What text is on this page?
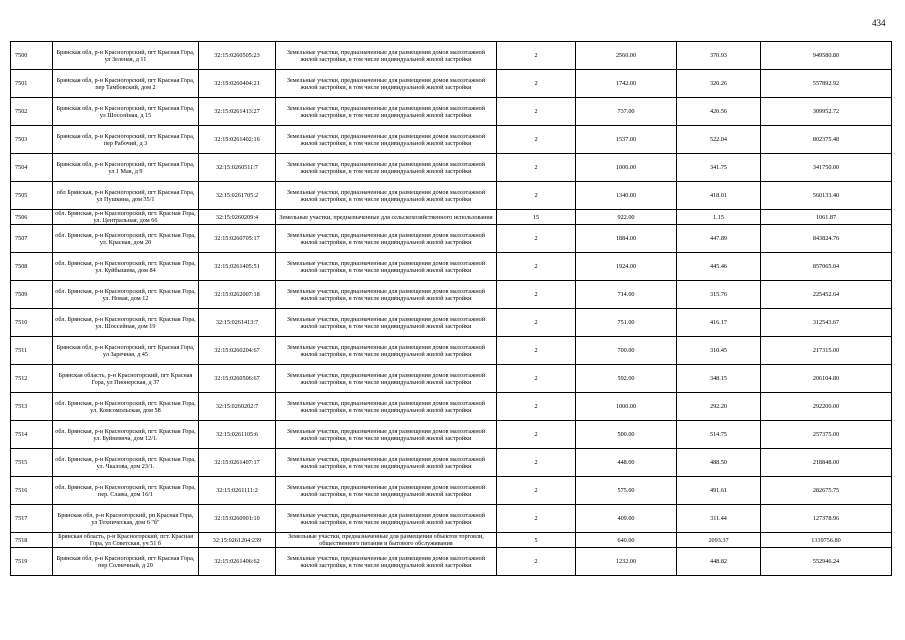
434
7500	Брянская обл, р-н Красногорский, пгт Красная Гора, ул Зеленая, д 11	32:15:0260505:23	Земельные участки, предназначенные для размещения домов малоэтажной жилой застройки, в том числе индивидуальной жилой застройки	2	2560.00	370.93	949580.80
7501	Брянская обл, р-н Красногорский, пгт Красная Гора, пер Тамбовский, дом 2	32:15:0260404:21	Земельные участки, предназначенные для размещения домов малоэтажной жилой застройки, в том числе индивидуальной жилой застройки	2	1742.00	320.26	557892.92
7502	Брянская обл, р-н Красногорский, пгт Красная Гора, ул Шоссейная, д 15	32:15:0261413:27	Земельные участки, предназначенные для размещения домов малоэтажной жилой застройки, в том числе индивидуальной жилой застройки	2	737.00	420.56	309952.72
7503	Брянская обл, р-н Красногорский, пгт Красная Гора, пер Рабочий, д 3	32:15:0261402:16	Земельные участки, предназначенные для размещения домов малоэтажной жилой застройки, в том числе индивидуальной жилой застройки	2	1537.00	522.04	802375.48
7504	Брянская обл, р-н Красногорский, пгт Красная Гора, ул 1 Мая, д 9	32:15:0260511:7	Земельные участки, предназначенные для размещения домов малоэтажной жилой застройки, в том числе индивидуальной жилой застройки	2	1000.00	341.75	341750.00
7505	обл Брянская, р-н Красногорский, пгт Красная Гора, ул Пушкина, дом 35/1	32:15:0261705:2	Земельные участки, предназначенные для размещения домов малоэтажной жилой застройки, в том числе индивидуальной жилой застройки	2	1340.00	418.01	560133.40
7506	обл. Брянская, р-н Красногорский, пгт. Красная Гора, ул. Центральная, дом 66	32:15:0260209:4	Земельные участки, предназначенные для сельскохозяйственного использования	15	922.00	1.15	1061.87
7507	обл. Брянская, р-н Красногорский, пгт. Красная Гора, ул. Красная, дом 20	32:15:0260705:17	Земельные участки, предназначенные для размещения домов малоэтажной жилой застройки, в том числе индивидуальной жилой застройки	2	1884.00	447.89	843824.76
7508	обл. Брянская, р-н Красногорский, пгт. Красная Гора, ул. Куйбышева, дом 84	32:15:0261405:51	Земельные участки, предназначенные для размещения домов малоэтажной жилой застройки, в том числе индивидуальной жилой застройки	2	1924.00	445.46	857065.04
7509	обл. Брянская, р-н Красногорский, пгт. Красная Гора, ул. Новая, дом 12	32:15:0262007:18	Земельные участки, предназначенные для размещения домов малоэтажной жилой застройки, в том числе индивидуальной жилой застройки	2	714.00	315.76	225452.64
7510	обл. Брянская, р-н Красногорский, пгт. Красная Гора, ул. Шоссейная, дом 19	32:15:0261413:7	Земельные участки, предназначенные для размещения домов малоэтажной жилой застройки, в том числе индивидуальной жилой застройки	2	751.00	416.17	312543.67
7511	Брянская обл, р-н Красногорский, пгт Красная Гора, ул Заречная, д 45	32:15:0260204:67	Земельные участки, предназначенные для размещения домов малоэтажной жилой застройки, в том числе индивидуальной жилой застройки	2	700.00	310.45	217315.00
7512	Брянская область, р-н Красногорский, пгт Красная Гора, ул Пионерская, д 37	32:15:0260506:67	Земельные участки, предназначенные для размещения домов малоэтажной жилой застройки, в том числе индивидуальной жилой застройки	2	592.00	348.15	206104.80
7513	обл. Брянская, р-н Красногорский, пгт. Красная Гора, ул. Комсомольская, дом 58	32:15:0260202:7	Земельные участки, предназначенные для размещения домов малоэтажной жилой застройки, в том числе индивидуальной жилой застройки	2	1000.00	292.20	292200.00
7514	обл. Брянская, р-н Красногорский, пгт. Красная Гора, ул. Буйневича, дом 12/1.	32:15:0261105:6	Земельные участки, предназначенные для размещения домов малоэтажной жилой застройки, в том числе индивидуальной жилой застройки	2	500.00	514.75	257375.00
7515	обл. Брянская, р-н Красногорский, пгт. Красная Гора, ул. Чкалова, дом 23/1.	32:15:0261407:17	Земельные участки, предназначенные для размещения домов малоэтажной жилой застройки, в том числе индивидуальной жилой застройки	2	448.00	488.50	218848.00
7516	обл. Брянская, р-н Красногорский, пгт. Красная Гора, пер. Славы, дом 16/1	32:15:0261111:2	Земельные участки, предназначенные для размещения домов малоэтажной жилой застройки, в том числе индивидуальной жилой застройки	2	575.00	491.61	282675.75
7517	Брянская обл, р-н Красногорский, рп Красная Гора, ул Техническая, дом 6 "б"	32:15:0260901:10	Земельные участки, предназначенные для размещения домов малоэтажной жилой застройки, в том числе индивидуальной жилой застройки	2	409.00	311.44	127378.96
7518	Брянская область, р-н Красногорский, пгт. Красная Гора, ул Советская, уч 51 б	32:15:0261204:239	Земельные участки, предназначенные для размещения объектов торговли, общественного питания и бытового обслуживания	5	640.00	2093.37	1339756.80
7519	Брянская обл, р-н Красногорский, пгт Красная Гора, пер Солнечный, д 20	32:15:0261406:62	Земельные участки, предназначенные для размещения домов малоэтажной жилой застройки, в том числе индивидуальной жилой застройки	2	1232.00	448.82	552946.24
